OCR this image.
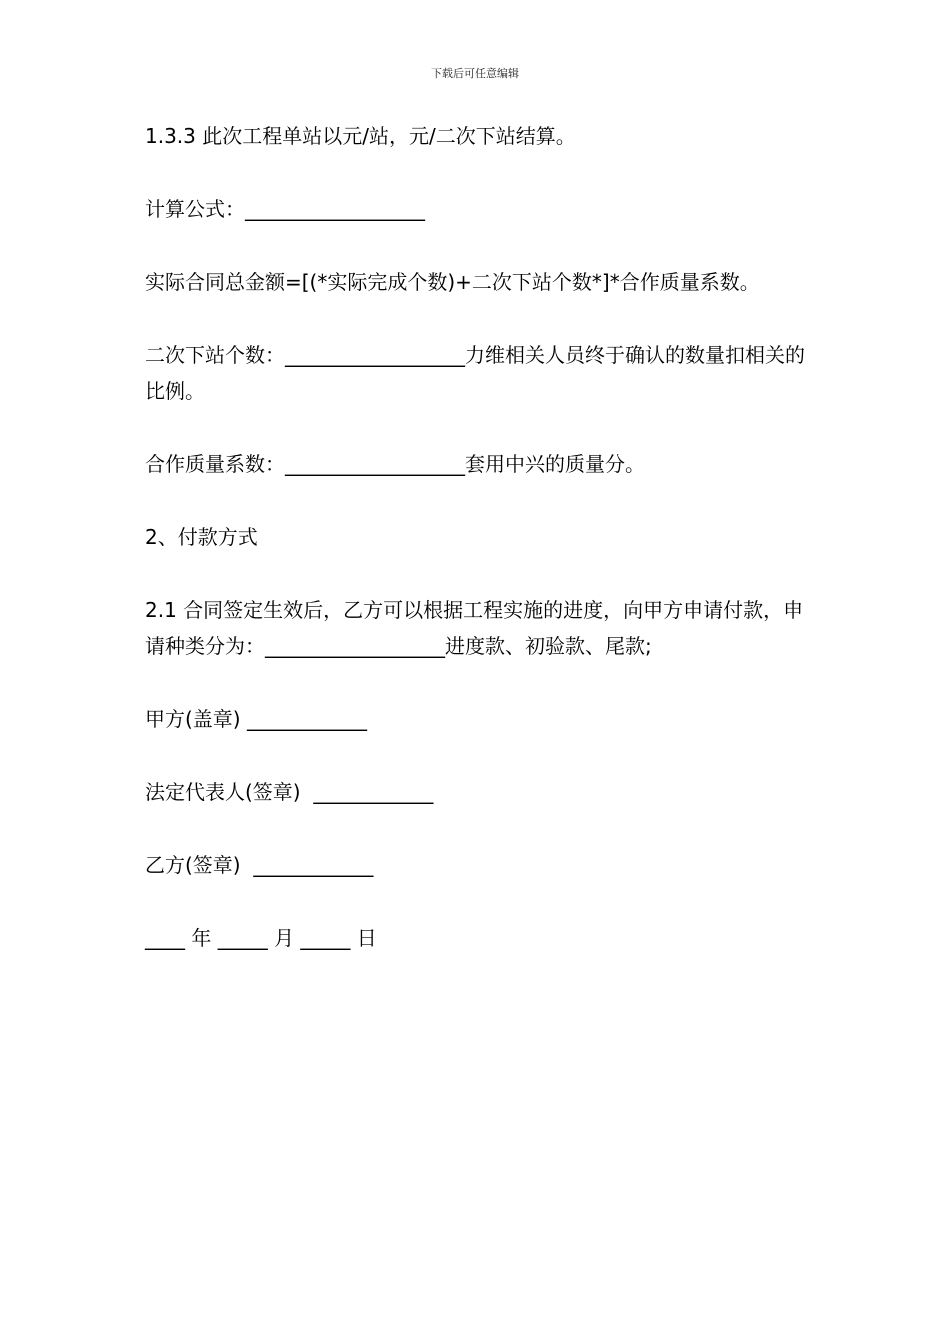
下载后可任意编辑

1.3.3 此次工程单站以元/站，元/二次下站结算。

计算公式：__________________

实际合同总金额=[(*实际完成个数)+二次下站个数*]*合作质量系数。

二次下站个数：__________________力维相关人员终于确认的数量扣相关的比例。

合作质量系数：__________________套用中兴的质量分。

2、付款方式

2.1 合同签定生效后，乙方可以根据工程实施的进度，向甲方申请付款，申请种类分为：__________________进度款、初验款、尾款;

甲方(盖章) ____________

法定代表人(签章)  ____________

乙方(签章)  ____________

____ 年 _____ 月 _____ 日
